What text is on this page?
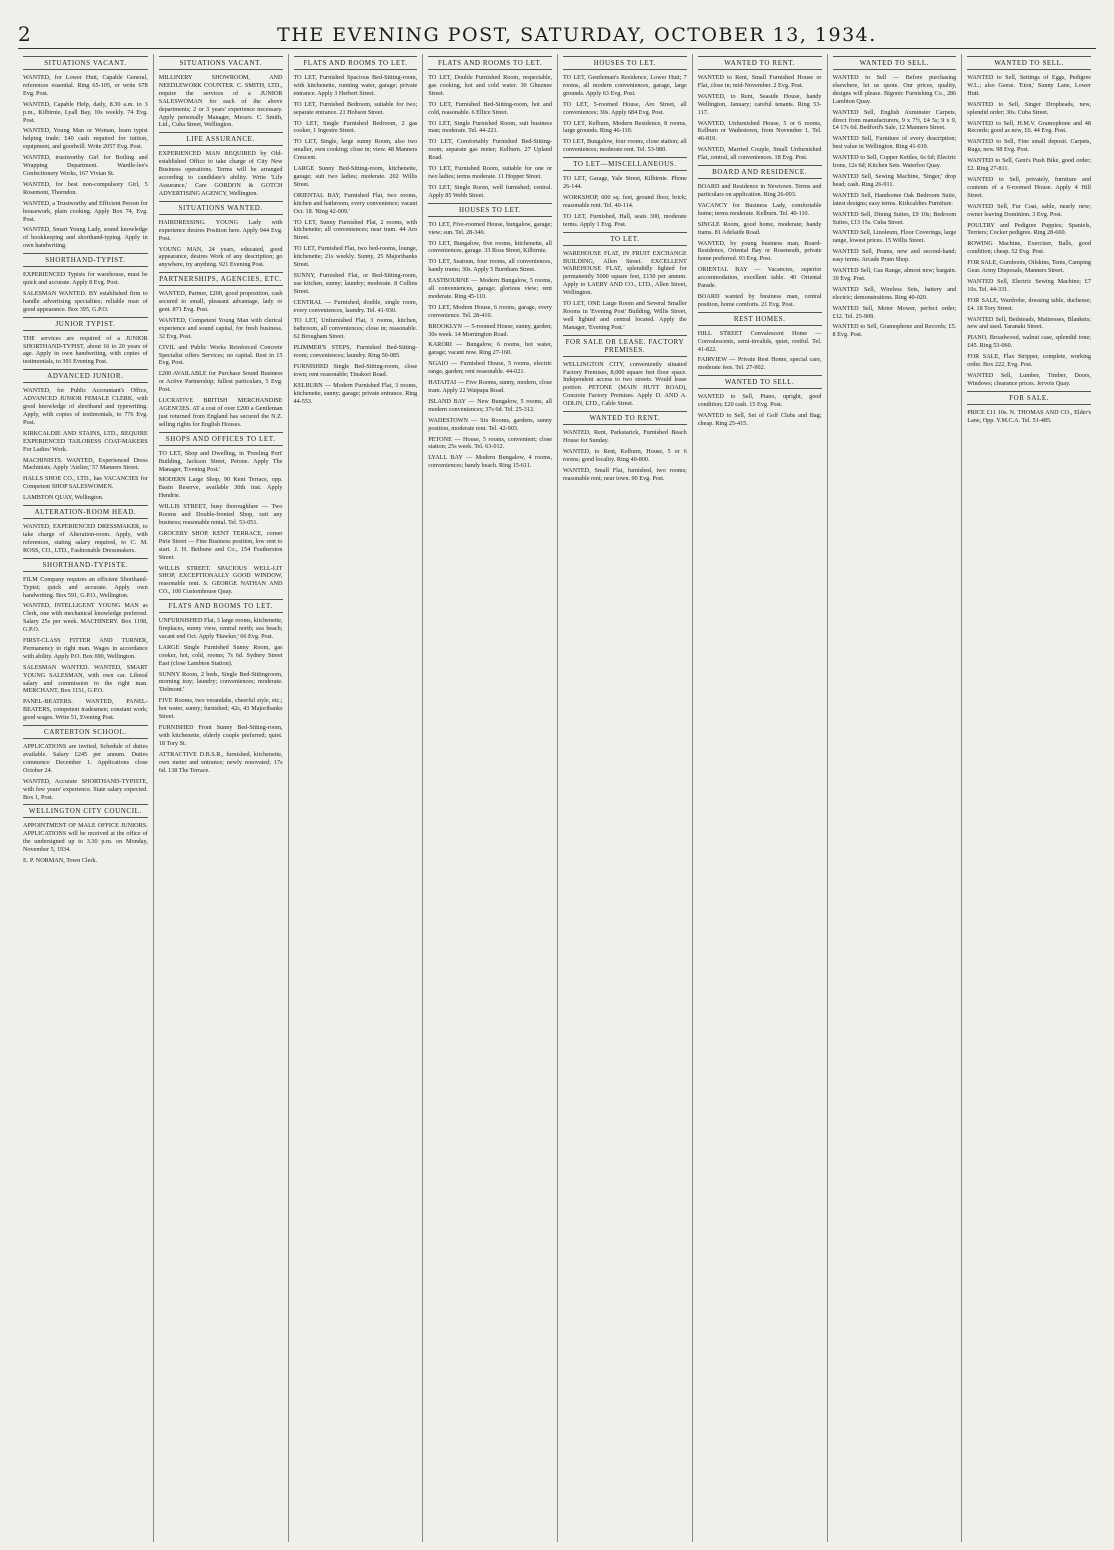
2	THE EVENING POST, SATURDAY, OCTOBER 13, 1934.
SITUATIONS VACANT.

WANTED, for Lower Hutt, Capable General, references essential. Ring 65-105, or write 678 Evg. Post.

WANTED, Capable Help, daily, 8.30 a.m. to 3 p.m., Kilbirnie, Lyall Bay, 10s weekly. 74 Evg. Post.

WANTED, Young Man or Woman, learn typist helping trade; £40 cash required for tuition, equipment, and goodwill. Write 2057 Evg. Post.

WANTED, trustworthy Girl for Boiling and Wrapping Department. Wardle-lee's Confectionery Works, 167 Vivian St.

WANTED, for best non-compulsory Girl, 5 Rosemont, Thorndon.

WANTED, a Trustworthy and Efficient Person for housework, plain cooking. Apply Box 74, Evg. Post.

WANTED, Smart Young Lady, sound knowledge of bookkeeping and shorthand-typing. Apply in own handwriting.

SHORTHAND-TYPIST.

EXPERIENCED Typists for warehouse, must be quick and accurate. Apply 8 Evg. Post.

SALESMAN WANTED. BY established firm to handle advertising specialties; reliable man of good appearance. Box 395, G.P.O.

JUNIOR TYPIST.

THE services are required of a JUNIOR SHORTHAND-TYPIST, about 16 to 20 years of age. Apply in own handwriting, with copies of testimonials, to 391 Evening Post.

ADVANCED JUNIOR.

WANTED, for Public Accountant's Office, ADVANCED JUNIOR FEMALE CLERK, with good knowledge of shorthand and typewriting. Apply, with copies of testimonials, to 776 Evg. Post.

KIRKCALDIE AND STAINS, LTD., REQUIRE EXPERIENCED TAILORESS COAT-MAKERS For Ladies' Work.

MACHINISTS. WANTED, Experienced Dress Machinists. Apply 'Atelier,' 57 Manners Street.

HALLS SHOE CO., LTD., has VACANCIES for Competent SHOP SALESWOMEN.

LAMBTON QUAY, Wellington.

ALTERATION-ROOM HEAD.

WANTED, EXPERIENCED DRESSMAKER, to take charge of Alteration-room. Apply, with references, stating salary required, to C. M. ROSS, CO., LTD., Fashionable Dressmakers.

SHORTHAND-TYPISTE.

FILM Company requires an efficient Shorthand-Typist; quick and accurate. Apply own handwriting. Box 591, G.P.O., Wellington.

WANTED, INTELLIGENT YOUNG MAN as Clerk, one with mechanical knowledge preferred. Salary 25s per week. MACHINERY. Box 1198, G.P.O.

FIRST-CLASS FITTER AND TURNER, Permanency to right man. Wages in accordance with ability. Apply P.O. Box 690, Wellington.

SALESMAN WANTED. WANTED, SMART YOUNG SALESMAN, with own car. Liberal salary and commission to the right man. MERCHANT, Box 1151, G.P.O.

PANEL-BEATERS. WANTED, PANEL-BEATERS, competent tradesmen; constant work; good wages. Write 51, Evening Post.

CARTERTON SCHOOL.

APPLICATIONS are invited, Schedule of duties available. Salary £245 per annum. Duties commence December 1. Applications close October 24.

WANTED, Accurate SHORTHAND-TYPISTE, with few years' experience. State salary expected. Box 1, Post.

WELLINGTON CITY COUNCIL.

APPOINTMENT OF MALE OFFICE JUNIORS. APPLICATIONS will be received at the office of the undersigned up to 3.30 p.m. on Monday, November 5, 1934.

E. P. NORMAN, Town Clerk.

SITUATIONS VACANT.

MILLINERY SHOWROOM, AND NEEDLEWORK COUNTER. C. SMITH, LTD., require the services of a JUNIOR SALESWOMAN for each of the above departments; 2 or 3 years' experience necessary. Apply personally Manager, Messrs. C. Smith, Ltd., Cuba Street, Wellington.

LIFE ASSURANCE.

EXPERIENCED MAN REQUIRED by Old-established Office to take charge of City New Business operations. Terms will be arranged according to candidate's ability. Write 'Life Assurance,' Care GORDON & GOTCH ADVERTISING AGENCY, Wellington.

SITUATIONS WANTED.

HAIRDRESSING. YOUNG Lady with experience desires Position here. Apply 944 Evg. Post.

YOUNG MAN, 24 years, educated, good appearance, desires Work of any description; go anywhere, try anything. 921 Evening Post.

PARTNERSHIPS, AGENCIES, ETC.

WANTED, Partner, £200, good proposition, cash secured to small, pleasant advantage, lady or gent. 871 Evg. Post.

WANTED, Competent Young Man with clerical experience and sound capital, for fresh business. 32 Evg. Post.

CIVIL and Public Works Reinforced Concrete Specialist offers Services; no capital. Rest in 15 Evg. Post.

£200 AVAILABLE for Purchase Sound Business or Active Partnership; fullest particulars, 5 Evg. Post.

LUCRATIVE BRITISH MERCHANDISE AGENCIES. AT a cost of over £200 a Gentleman just returned from England has secured the N.Z. selling rights for English Houses.

SHOPS AND OFFICES TO LET.

TO LET, Shop and Dwelling, in 'Freeling Port' Building, Jackson Street, Petone. Apply The Manager, 'Evening Post.'

MODERN Large Shop, 90 Kent Terrace, opp. Basin Reserve, available 30th inst. Apply Hendrie.

WILLIS STREET, busy thoroughfare — Two Rooms and Double-fronted Shop, suit any business; reasonable rental. Tel. 53-051.

GROCERY SHOP. KENT TERRACE, corner Pirie Street — Fine Business position, low rent to start. J. H. Bethune and Co., 154 Featherston Street.

WILLIS STREET. SPACIOUS WELL-LIT SHOP, EXCEPTIONALLY GOOD WINDOW, reasonable rent. S. GEORGE NATHAN AND CO., 100 Customhouse Quay.

FLATS AND ROOMS TO LET.

UNFURNISHED Flat, 3 large rooms, kitchenette, fireplaces, sunny view, central north; sea beach; vacant end Oct. Apply 'Hawker,' 66 Evg. Post.

LARGE Single Furnished Sunny Room, gas cooker, hot, cold, rooms; 7s 6d. Sydney Street East (close Lambton Station).

SUNNY Room, 2 beds, Single Bed-Sittingroom, morning tray; laundry; conveniences; moderate. 'Delmont.'

FIVE Rooms, two verandahs, cheerful style, etc.; hot water, sunny; furnished; 42s, 43 Majoribanks Street.

FURNISHED Front Sunny Bed-Sitting-room, with kitchenette, elderly couple preferred; quiet. 18 Tory St.

ATTRACTIVE D.B.S.R., furnished, kitchenette, own meter and entrance; newly renovated; 17s 6d. 138 The Terrace.

FLATS AND ROOMS TO LET.

TO LET, Furnished Spacious Bed-Sitting-room, with kitchenette, running water, garage; private entrance. Apply 3 Herbert Street.

TO LET, Furnished Bedroom, suitable for two; separate entrance. 21 Hobson Street.

TO LET, Single Furnished Bedroom, 2 gas cooker, 1 Ingestre Street.

TO LET, Single, large sunny Room, also two smaller, own cooking; close in; view. 48 Manners Crescent.

LARGE Sunny Bed-Sitting-room, kitchenette, garage; suit two ladies; moderate. 202 Willis Street.

ORIENTAL BAY, Furnished Flat, two rooms, kitchen and bathroom, every convenience; vacant Oct. 18. 'Ring 42-009.'

TO LET, Sunny Furnished Flat, 2 rooms, with kitchenette; all conveniences; near tram. 44 Aro Street.

TO LET, Furnished Flat, two bed-rooms, lounge, kitchenette; 21s weekly. Sunny, 25 Majoribanks Street.

SUNNY, Furnished Flat, or Bed-Sitting-room, use kitchen, sunny; laundry; moderate. 8 Collins Street.

CENTRAL — Furnished, double, single room, every conveniences, laundry. Tel. 41-930.

TO LET, Unfurnished Flat, 3 rooms, kitchen, bathroom, all conveniences; close in; reasonable. 62 Brougham Street.

PLIMMER'S STEPS, Furnished Bed-Sitting-room; conveniences; laundry. Ring 50-085.

FURNISHED Single Bed-Sitting-room, close town; rent reasonable; Tinakori Road.

KELBURN — Modern Furnished Flat, 3 rooms, kitchenette, sunny; garage; private entrance. Ring 44-553.

FLATS AND ROOMS TO LET.

TO LET, Double Furnished Room, respectable, gas cooking, hot and cold water. 30 Ghuznee Street.

TO LET, Furnished Bed-Sitting-room, hot and cold, reasonable. 6 Ellice Street.

TO LET, Single Furnished Room, suit business man; moderate. Tel. 44-221.

TO LET, Comfortably Furnished Bed-Sitting-room; separate gas meter; Kelburn. 27 Upland Road.

TO LET, Furnished Room, suitable for one or two ladies; terms moderate. 11 Hopper Street.

TO LET, Single Room, well furnished; central. Apply 85 Webb Street.

HOUSES TO LET.

TO LET, Five-roomed House, bungalow, garage; view; sun. Tel. 28-340.

TO LET, Bungalow, five rooms, kitchenette, all conveniences, garage. 33 Ross Street, Kilbirnie.

TO LET, Seatoun, four rooms, all conveniences, handy trams; 30s. Apply 5 Burnham Street.

EASTBOURNE — Modern Bungalow, 5 rooms, all conveniences, garage; glorious view; rent moderate. Ring 45-110.

TO LET, Modern House, 6 rooms, garage, every convenience. Tel. 28-410.

BROOKLYN — 5-roomed House, sunny, garden; 30s week. 14 Mornington Road.

KARORI — Bungalow, 6 rooms, hot water, garage; vacant now. Ring 27-160.

NGAIO — Furnished House, 5 rooms, electric range, garden; rent reasonable. 44-021.

HATAITAI — Five Rooms, sunny, modern, close tram. Apply 22 Waipapa Road.

ISLAND BAY — New Bungalow, 5 rooms, all modern conveniences; 37s 6d. Tel. 25-312.

WADESTOWN — Six Rooms, gardens, sunny position, moderate rent. Tel. 42-903.

PETONE — House, 5 rooms, convenient; close station; 25s week. Tel. 63-012.

LYALL BAY — Modern Bungalow, 4 rooms, conveniences; handy beach. Ring 15-611.

HOUSES TO LET.

TO LET, Gentleman's Residence, Lower Hutt; 7 rooms, all modern conveniences, garage, large grounds. Apply 63 Evg. Post.

TO LET, 5-roomed House, Aro Street, all conveniences; 30s. Apply 684 Evg. Post.

TO LET, Kelburn, Modern Residence, 8 rooms, large grounds. Ring 46-110.

TO LET, Bungalow, four rooms, close station; all conveniences; moderate rent. Tel. 53-980.

TO LET—MISCELLANEOUS.

TO LET, Garage, Yale Street, Kilbirnie. Phone 26-144.

WORKSHOP, 600 sq. feet, ground floor, brick; reasonable rent. Tel. 40-114.

TO LET, Furnished, Hall, seats 300, moderate terms. Apply 1 Evg. Post.

TO LET.

WAREHOUSE FLAT, IN FRUIT EXCHANGE BUILDING, Allen Street. EXCELLENT WAREHOUSE FLAT, splendidly lighted for permanently 5000 square feet, £150 per annum. Apply to LAERY AND CO., LTD., Allen Street, Wellington.

TO LET, ONE Large Room and Several Smaller Rooms in 'Evening Post' Building, Willis Street, well lighted and central located. Apply the Manager, 'Evening Post.'

FOR SALE OR LEASE. FACTORY PREMISES.

WELLINGTON CITY, conveniently situated Factory Premises, 8,000 square feet floor space. Independent access to two streets. Would lease portion. PETONE (MAIN HUTT ROAD), Concrete Factory Premises. Apply D. AND A. ODLIN, LTD., Cable Street.

WANTED TO RENT.

WANTED, Rent, Parkstarick, Furnished Beach House for Sunday.

WANTED, to Rent, Kelburn, House, 5 or 6 rooms; good locality. Ring 40-800.

WANTED, Small Flat, furnished, two rooms; reasonable rent; near town. 90 Evg. Post.

WANTED TO RENT.

WANTED to Rent, Small Furnished House or Flat, close in; mid-November. 2 Evg. Post.

WANTED, to Rent, Seaside House, handy Wellington, January; careful tenants. Ring 53-117.

WANTED, Unfurnished House, 5 or 6 rooms, Kelburn or Wadestown, from November 1. Tel. 46-810.

WANTED, Married Couple, Small Unfurnished Flat, central, all conveniences. 18 Evg. Post.

BOARD AND RESIDENCE.

BOARD and Residence in Newtown. Terms and particulars on application. Ring 26-003.

VACANCY for Business Lady, comfortable home; terms moderate. Kelburn. Tel. 40-110.

SINGLE Room, good home, moderate; handy trams. 81 Adelaide Road.

WANTED, by young business man, Board-Residence, Oriental Bay or Roseneath, private home preferred. 93 Evg. Post.

ORIENTAL BAY — Vacancies, superior accommodation, excellent table. 40 Oriental Parade.

BOARD wanted by business man, central position, home comforts. 21 Evg. Post.

REST HOMES.

HILL STREET Convalescent Home — Convalescents, semi-invalids, quiet, restful. Tel. 41-822.

FAIRVIEW — Private Rest Home, special care, moderate fees. Tel. 27-902.

WANTED TO SELL.

WANTED to Sell, Piano, upright, good condition; £20 cash. 15 Evg. Post.

WANTED to Sell, Set of Golf Clubs and Bag; cheap. Ring 25-415.

WANTED TO SELL.

WANTED to Sell — Before purchasing elsewhere, let us quote. Our prices, quality, designs will please. Bigonic Furnishing Co., 286 Lambton Quay.

WANTED Sell, English Axminster Carpets, direct from manufacturers, 9 x 7½, £4 5s; 9 x 9, £4 17s 6d. Bedford's Sale, 12 Manners Street.

WANTED Sell, Furniture of every description; best value in Wellington. Ring 41-019.

WANTED to Sell, Copper Kettles, 6s 6d; Electric Irons, 12s 6d; Kitchen Sets. Waterloo Quay.

WANTED Sell, Sewing Machine, 'Singer,' drop head; cash. Ring 26-911.

WANTED Sell, Handsome Oak Bedroom Suite, latest designs; easy terms. Kirkcaldies Furniture.

WANTED Sell, Dining Suites, £9 10s; Bedroom Suites, £13 15s. Cuba Street.

WANTED Sell, Linoleum, Floor Coverings, large range, lowest prices. 15 Willis Street.

WANTED Sell, Prams, new and second-hand; easy terms. Arcade Pram Shop.

WANTED Sell, Gas Range, almost new; bargain. 39 Evg. Post.

WANTED Sell, Wireless Sets, battery and electric; demonstrations. Ring 40-020.

WANTED Sell, Motor Mower, perfect order; £12. Tel. 25-909.

WANTED to Sell, Gramophone and Records; £5. 8 Evg. Post.

WANTED TO SELL.

WANTED to Sell, Settings of Eggs, Pedigree W.L.; also Geese. 'Eton,' Sunny Lane, Lower Hutt.

WANTED to Sell, Singer Dropheads, new, splendid order; 30s. Cuba Street.

WANTED to Sell, H.M.V. Gramophone and 48 Records; good as new, £6. 44 Evg. Post.

WANTED to Sell, Fine small deposit. Carpets, Rugs; new. 98 Evg. Post.

WANTED to Sell, Gent's Push Bike, good order; £2. Ring 27-811.

WANTED to Sell, privately, furniture and contents of a 6-roomed House. Apply 4 Hill Street.

WANTED Sell, Fur Coat, sable, nearly new; owner leaving Dominion. 3 Evg. Post.

POULTRY and Pedigree Puppies; Spaniels, Terriers; Cocker pedigree. Ring 28-660.

ROWING Machine, Exerciser, Balls, good condition; cheap. 52 Evg. Post.

FOR SALE, Gumboots, Oilskins, Tents, Camping Gear. Army Disposals, Manners Street.

WANTED Sell, Electric Sewing Machine; £7 10s. Tel. 44-331.

FOR SALE, Wardrobe, dressing table, duchesse; £4. 18 Tory Street.

WANTED Sell, Bedsteads, Mattresses, Blankets; new and used. Taranaki Street.

PIANO, Broadwood, walnut case, splendid tone; £45. Ring 53-060.

FOR SALE, Flax Stripper, complete, working order. Box 222, Evg. Post.

WANTED Sell, Lumber, Timber, Doors, Windows; clearance prices. Jervois Quay.

FOR SALE.

PRICE £11 10s. N. THOMAS AND CO., Elder's Lane, Opp. Y.M.C.A. Tel. 51-485.
